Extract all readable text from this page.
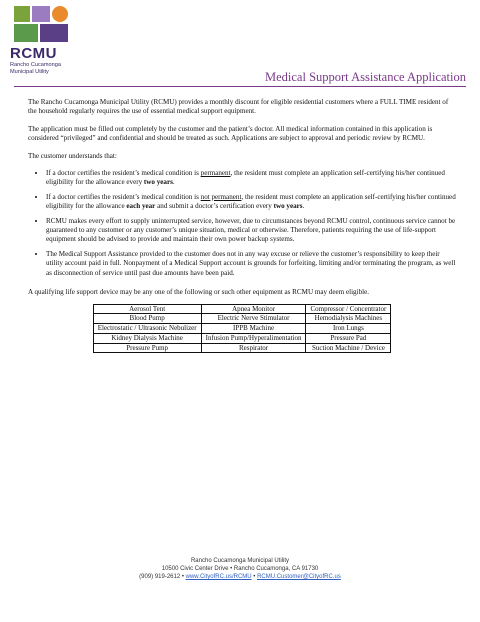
RCMU
Rancho Cucamonga
Municipal Utility	Medical Support Assistance Application

The Rancho Cucamonga Municipal Utility (RCMU) provides a monthly discount for eligible residential customers where a FULL TIME resident of the household regularly requires the use of essential medical support equipment.

The application must be filled out completely by the customer and the patient’s doctor. All medical information contained in this application is considered “privileged” and confidential and should be treated as such. Applications are subject to approval and periodic review by RCMU.

The customer understands that:

• If a doctor certifies the resident’s medical condition is permanent, the resident must complete an application self-certifying his/her continued eligibility for the allowance every two years.
• If a doctor certifies the resident’s medical condition is not permanent, the resident must complete an application self-certifying his/her continued eligibility for the allowance each year and submit a doctor’s certification every two years.
• RCMU makes every effort to supply uninterrupted service, however, due to circumstances beyond RCMU control, continuous service cannot be guaranteed to any customer or any customer’s unique situation, medical or otherwise. Therefore, patients requiring the use of life-support equipment should be advised to provide and maintain their own power backup systems.
• The Medical Support Assistance provided to the customer does not in any way excuse or relieve the customer’s responsibility to keep their utility account paid in full. Nonpayment of a Medical Support account is grounds for forfeiting, limiting and/or terminating the program, as well as disconnection of service until past due amounts have been paid.

A qualifying life support device may be any one of the following or such other equipment as RCMU may deem eligible.

Aerosol Tent	Apnea Monitor	Compressor / Concentrator
Blood Pump	Electric Nerve Stimulator	Hemodialysis Machines
Electrostatic / Ultrasonic Nebulizer	IPPB Machine	Iron Lungs
Kidney Dialysis Machine	Infusion Pump/Hyperalimentation	Pressure Pad
Pressure Pump	Respirator	Suction Machine / Device
Rancho Cucamonga Municipal Utility
10500 Civic Center Drive • Rancho Cucamonga, CA 91730
(909) 919-2612 • www.CityofRC.us/RCMU • RCMU.Customer@CityofRC.us
